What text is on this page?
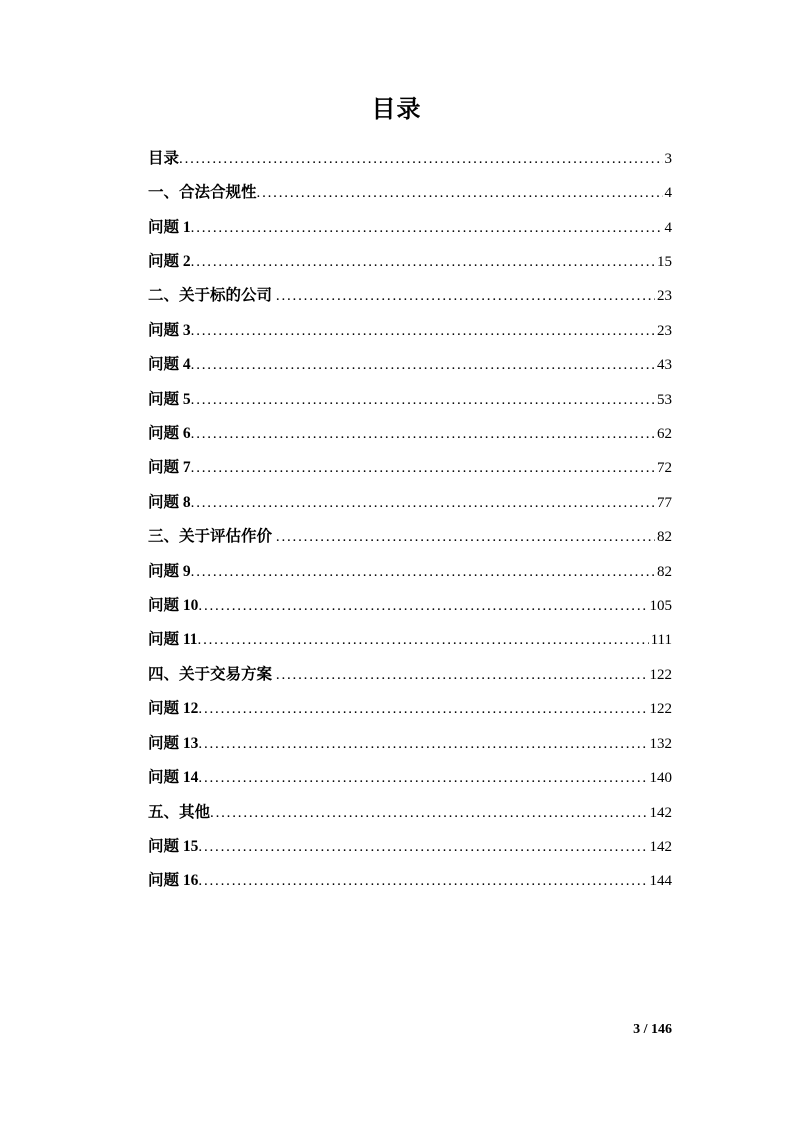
目录
目录 .....	3
一、合法合规性 .....	4
问题 1 .....	4
问题 2 .....	15
二、关于标的公司 .....	23
问题 3 .....	23
问题 4 .....	43
问题 5 .....	53
问题 6 .....	62
问题 7 .....	72
问题 8 .....	77
三、关于评估作价 .....	82
问题 9 .....	82
问题 10 .....	105
问题 11 .....	111
四、关于交易方案 .....	122
问题 12 .....	122
问题 13 .....	132
问题 14 .....	140
五、其他 .....	142
问题 15 .....	142
问题 16 .....	144
3 / 146
